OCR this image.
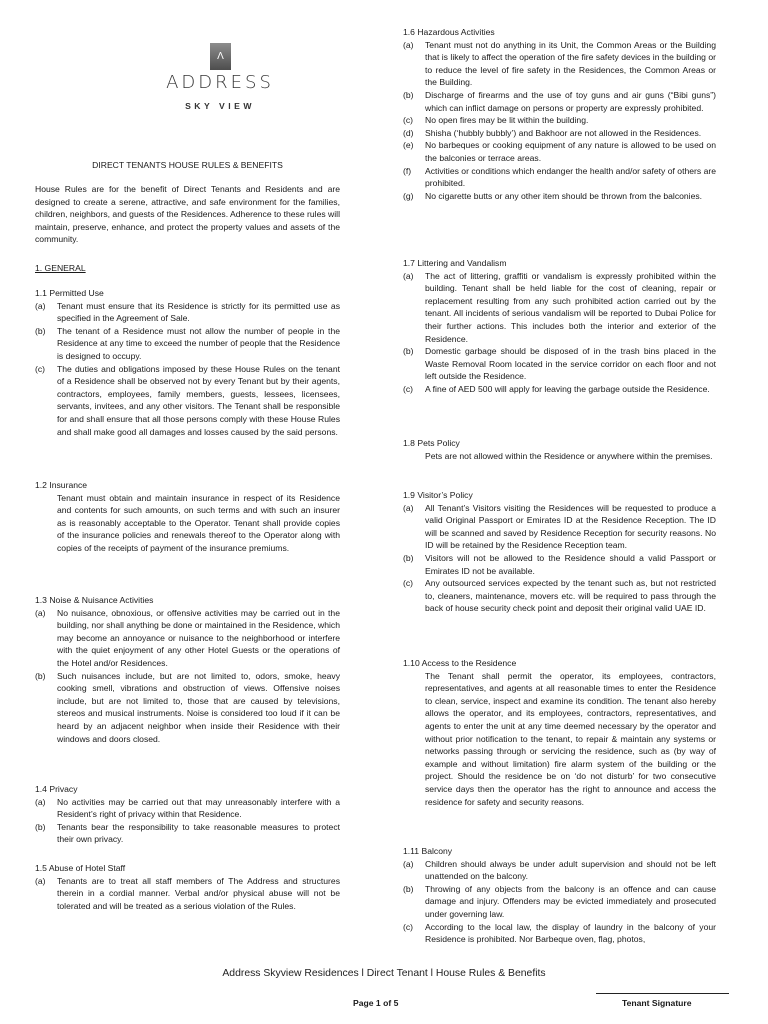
Λ
ADDRESS
SKY VIEW
DIRECT TENANTS HOUSE RULES & BENEFITS
House Rules are for the benefit of Direct Tenants and Residents and are designed to create a serene, attractive, and safe environment for the families, children, neighbors, and guests of the Residences. Adherence to these rules will maintain, preserve, enhance, and protect the property values and assets of the community.
1. GENERAL
1.1 Permitted Use
(a)	Tenant must ensure that its Residence is strictly for its permitted use as specified in the Agreement of Sale.
(b)	The tenant of a Residence must not allow the number of people in the Residence at any time to exceed the number of people that the Residence is designed to occupy.
(c)	The duties and obligations imposed by these House Rules on the tenant of a Residence shall be observed not by every Tenant but by their agents, contractors, employees, family members, guests, lessees, licensees, servants, invitees, and any other visitors. The Tenant shall be responsible for and shall ensure that all those persons comply with these House Rules and shall make good all damages and losses caused by the said persons.
1.2 Insurance
Tenant must obtain and maintain insurance in respect of its Residence and contents for such amounts, on such terms and with such an insurer as is reasonably acceptable to the Operator. Tenant shall provide copies of the insurance policies and renewals thereof to the Operator along with copies of the receipts of payment of the insurance premiums.
1.3 Noise & Nuisance Activities
(a)	No nuisance, obnoxious, or offensive activities may be carried out in the building, nor shall anything be done or maintained in the Residence, which may become an annoyance or nuisance to the neighborhood or interfere with the quiet enjoyment of any other Hotel Guests or the operations of the Hotel and/or Residences.
(b)	Such nuisances include, but are not limited to, odors, smoke, heavy cooking smell, vibrations and obstruction of views. Offensive noises include, but are not limited to, those that are caused by televisions, stereos and musical instruments. Noise is considered too loud if it can be heard by an adjacent neighbor when inside their Residence with their windows and doors closed.
1.4 Privacy
(a)	No activities may be carried out that may unreasonably interfere with a Resident’s right of privacy within that Residence.
(b)	Tenants bear the responsibility to take reasonable measures to protect their own privacy.
1.5 Abuse of Hotel Staff
(a)	Tenants are to treat all staff members of The Address and structures therein in a cordial manner. Verbal and/or physical abuse will not be tolerated and will be treated as a serious violation of the Rules.
1.6 Hazardous Activities
(a)	Tenant must not do anything in its Unit, the Common Areas or the Building that is likely to affect the operation of the fire safety devices in the building or to reduce the level of fire safety in the Residences, the Common Areas or the Building.
(b)	Discharge of firearms and the use of toy guns and air guns (“Bibi guns”) which can inflict damage on persons or property are expressly prohibited.
(c)	No open fires may be lit within the building.
(d)	Shisha (‘hubbly bubbly’) and Bakhoor are not allowed in the Residences.
(e)	No barbeques or cooking equipment of any nature is allowed to be used on the balconies or terrace areas.
(f)	Activities or conditions which endanger the health and/or safety of others are prohibited.
(g)	No cigarette butts or any other item should be thrown from the balconies.
1.7 Littering and Vandalism
(a)	The act of littering, graffiti or vandalism is expressly prohibited within the building. Tenant shall be held liable for the cost of cleaning, repair or replacement resulting from any such prohibited action carried out by the tenant. All incidents of serious vandalism will be reported to Dubai Police for their further actions. This includes both the interior and exterior of the Residence.
(b)	Domestic garbage should be disposed of in the trash bins placed in the Waste Removal Room located in the service corridor on each floor and not left outside the Residence.
(c)	A fine of AED 500 will apply for leaving the garbage outside the Residence.
1.8 Pets Policy
Pets are not allowed within the Residence or anywhere within the premises.
1.9 Visitor’s Policy
(a)	All Tenant’s Visitors visiting the Residences will be requested to produce a valid Original Passport or Emirates ID at the Residence Reception. The ID will be scanned and saved by Residence Reception for security reasons. No ID will be retained by the Residence Reception team.
(b)	Visitors will not be allowed to the Residence should a valid Passport or Emirates ID not be available.
(c)	Any outsourced services expected by the tenant such as, but not restricted to, cleaners, maintenance, movers etc. will be required to pass through the back of house security check point and deposit their original valid UAE ID.
1.10 Access to the Residence
The Tenant shall permit the operator, its employees, contractors, representatives, and agents at all reasonable times to enter the Residence to clean, service, inspect and examine its condition. The tenant also hereby allows the operator, and its employees, contractors, representatives, and agents to enter the unit at any time deemed necessary by the operator and without prior notification to the tenant, to repair & maintain any systems or networks passing through or servicing the residence, such as (by way of example and without limitation) fire alarm system of the building or the project. Should the residence be on ‘do not disturb’ for two consecutive service days then the operator has the right to announce and access the residence for safety and security reasons.
1.11 Balcony
(a)	Children should always be under adult supervision and should not be left unattended on the balcony.
(b)	Throwing of any objects from the balcony is an offence and can cause damage and injury. Offenders may be evicted immediately and prosecuted under governing law.
(c)	According to the local law, the display of laundry in the balcony of your Residence is prohibited. Nor Barbeque oven, flag, photos,
Address Skyview Residences l Direct Tenant l House Rules & Benefits
Page 1 of 5	Tenant Signature
